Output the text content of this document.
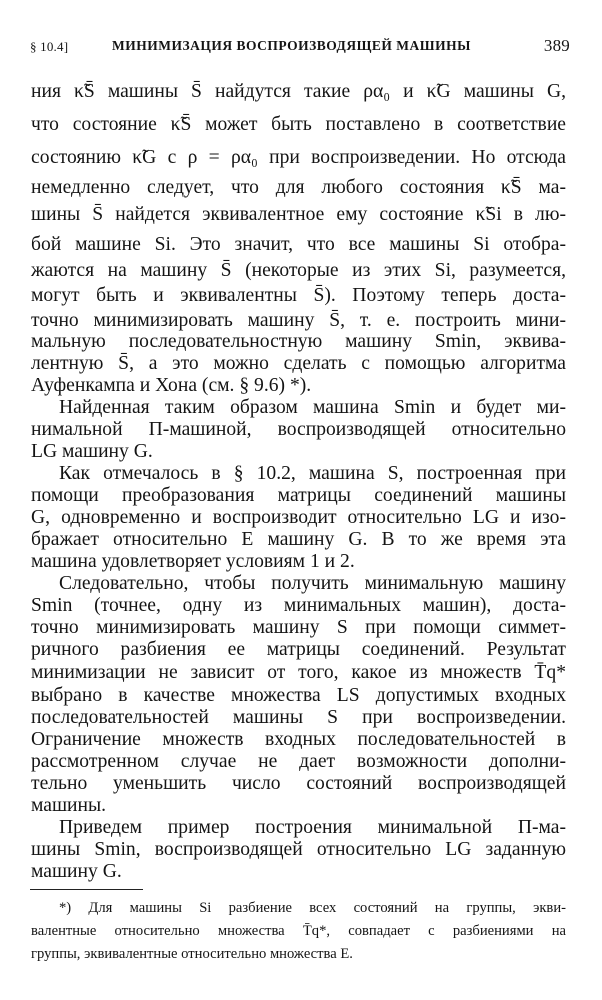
§ 10.4]	МИНИМИЗАЦИЯ ВОСПРОИЗВОДЯЩЕЙ МАШИНЫ	389
ния κ̃S̄ машины S̄ найдутся такие ρα₀ и κ̃G машины G,
что состояние κ̃S̄ может быть поставлено в соответствие
состоянию κ̃G с ρ = ρα₀ при воспроизведении. Но отсюда
немедленно следует, что для любого состояния κ̃S̄ ма-
шины S̄ найдется эквивалентное ему состояние κ̃Si в лю-
бой машине Si. Это значит, что все машины Si отобра-
жаются на машину S̄ (некоторые из этих Si, разумеется,
могут быть и эквивалентны S̄). Поэтому теперь доста-
точно минимизировать машину S̄, т. е. построить мини-
мальную последовательностную машину Smin, эквива-
лентную S̄, а это можно сделать с помощью алгоритма
Ауфенкампа и Хона (см. § 9.6) *).
Найденная таким образом машина Smin и будет ми-
нимальной П-машиной, воспроизводящей относительно
LG машину G.
Как отмечалось в § 10.2, машина S, построенная при
помощи преобразования матрицы соединений машины
G, одновременно и воспроизводит относительно LG и изо-
бражает относительно E машину G. В то же время эта
машина удовлетворяет условиям 1 и 2.
Следовательно, чтобы получить минимальную машину
Smin (точнее, одну из минимальных машин), доста-
точно минимизировать машину S при помощи симмет-
ричного разбиения ее матрицы соединений. Результат
минимизации не зависит от того, какое из множеств T̄q*
выбрано в качестве множества LS допустимых входных
последовательностей машины S при воспроизведении.
Ограничение множеств входных последовательностей в
рассмотренном случае не дает возможности дополни-
тельно уменьшить число состояний воспроизводящей
машины.
Приведем пример построения минимальной П-ма-
шины Smin, воспроизводящей относительно LG заданную
машину G.
*) Для машины Si разбиение всех состояний на группы, экви-
валентные относительно множества T̄q*, совпадает с разбиениями на
группы, эквивалентные относительно множества E.
